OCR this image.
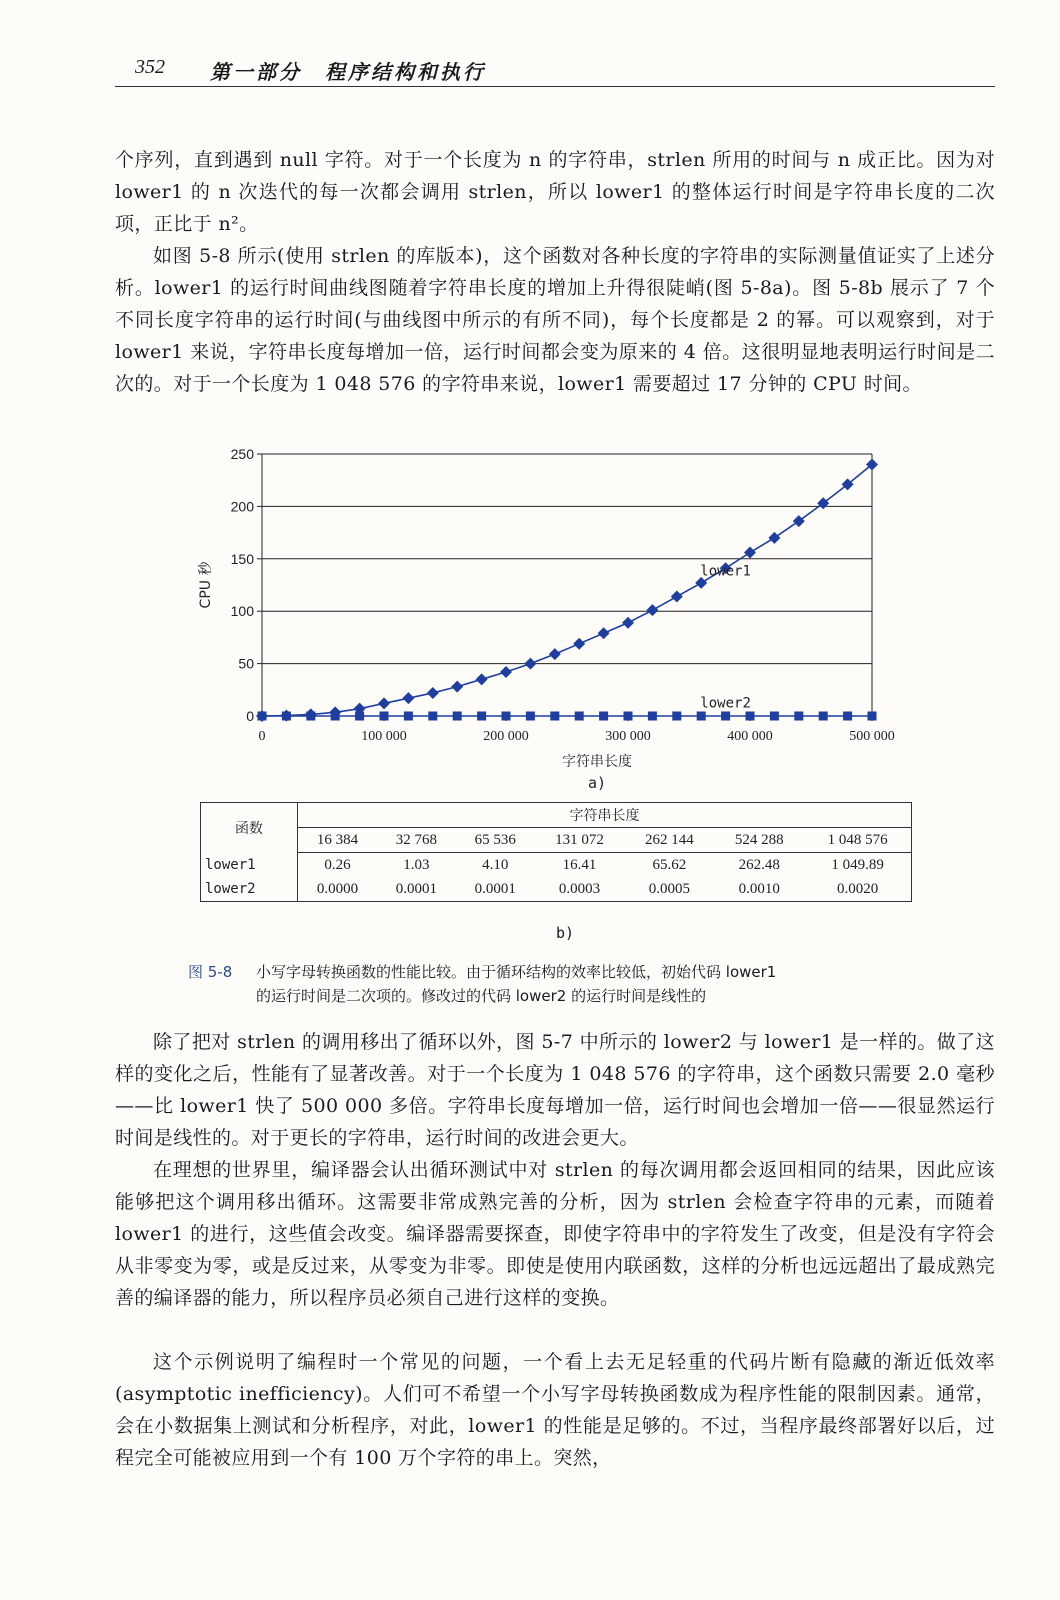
352 第一部分 程序结构和执行

个序列，直到遇到 null 字符。对于一个长度为 n 的字符串，strlen 所用的时间与 n 成正比。因为对 lower1 的 n 次迭代的每一次都会调用 strlen，所以 lower1 的整体运行时间是字符串长度的二次项，正比于 n²。

如图 5-8 所示(使用 strlen 的库版本)，这个函数对各种长度的字符串的实际测量值证实了上述分析。lower1 的运行时间曲线图随着字符串长度的增加上升得很陡峭(图 5-8a)。图 5-8b 展示了 7 个不同长度字符串的运行时间(与曲线图中所示的有所不同)，每个长度都是 2 的幂。可以观察到，对于 lower1 来说，字符串长度每增加一倍，运行时间都会变为原来的 4 倍。这很明显地表明运行时间是二次的。对于一个长度为 1 048 576 的字符串来说，lower1 需要超过 17 分钟的 CPU 时间。

250
200
150
100
50
0
0	100 000	200 000	300 000	400 000	500 000
CPU 秒
字符串长度
a)
lower1
lower2
函数	字符串长度						
	16 384	32 768	65 536	131 072	262 144	524 288	1 048 576
lower1	0.26	1.03	4.10	16.41	65.62	262.48	1 049.89
lower2	0.0000	0.0001	0.0001	0.0003	0.0005	0.0010	0.0020
b)
图 5-8 小写字母转换函数的性能比较。由于循环结构的效率比较低，初始代码 lower1
的运行时间是二次项的。修改过的代码 lower2 的运行时间是线性的

除了把对 strlen 的调用移出了循环以外，图 5-7 中所示的 lower2 与 lower1 是一样的。做了这样的变化之后，性能有了显著改善。对于一个长度为 1 048 576 的字符串，这个函数只需要 2.0 毫秒——比 lower1 快了 500 000 多倍。字符串长度每增加一倍，运行时间也会增加一倍——很显然运行时间是线性的。对于更长的字符串，运行时间的改进会更大。

在理想的世界里，编译器会认出循环测试中对 strlen 的每次调用都会返回相同的结果，因此应该能够把这个调用移出循环。这需要非常成熟完善的分析，因为 strlen 会检查字符串的元素，而随着 lower1 的进行，这些值会改变。编译器需要探查，即使字符串中的字符发生了改变，但是没有字符会从非零变为零，或是反过来，从零变为非零。即使是使用内联函数，这样的分析也远远超出了最成熟完善的编译器的能力，所以程序员必须自己进行这样的变换。

这个示例说明了编程时一个常见的问题，一个看上去无足轻重的代码片断有隐藏的渐近低效率(asymptotic inefficiency)。人们可不希望一个小写字母转换函数成为程序性能的限制因素。通常，会在小数据集上测试和分析程序，对此，lower1 的性能是足够的。不过，当程序最终部署好以后，过程完全可能被应用到一个有 100 万个字符的串上。突然，
